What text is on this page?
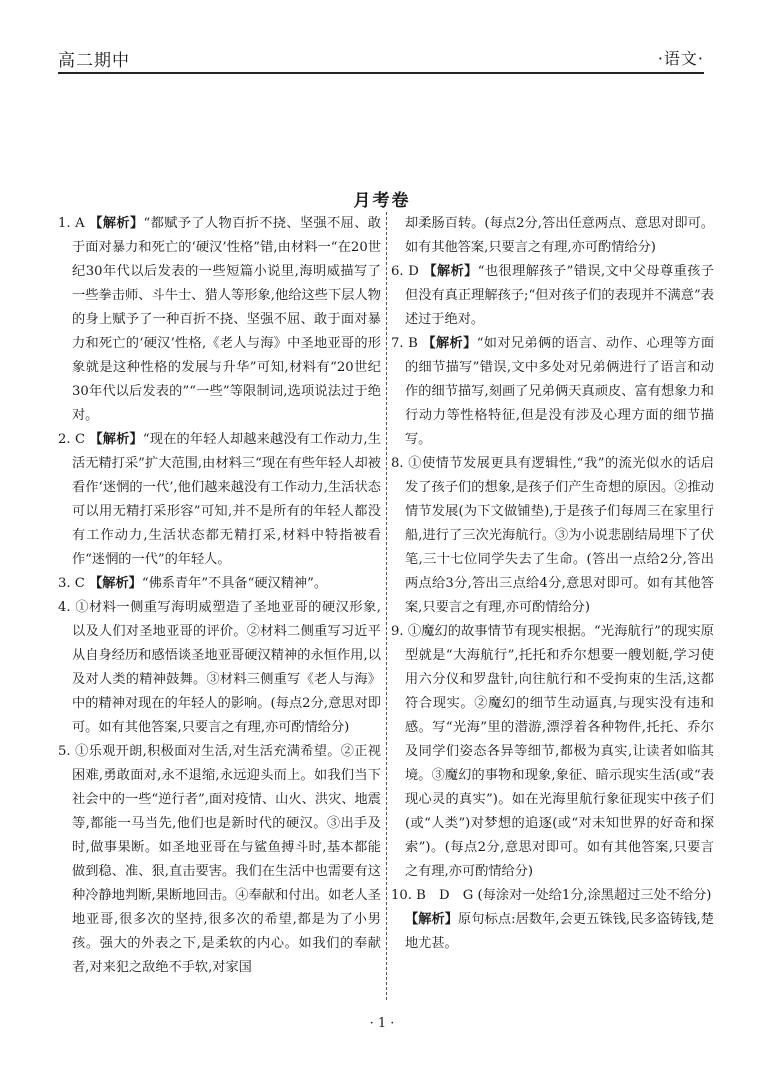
高二期中	·语文·
月考卷

1. A 【解析】“都赋予了人物百折不挠、坚强不屈、敢于面对暴力和死亡的‘硬汉’性格”错,由材料一“在20世纪30年代以后发表的一些短篇小说里,海明威描写了一些拳击师、斗牛士、猎人等形象,他给这些下层人物的身上赋予了一种百折不挠、坚强不屈、敢于面对暴力和死亡的‘硬汉’性格,《老人与海》中圣地亚哥的形象就是这种性格的发展与升华”可知,材料有“20世纪30年代以后发表的”“一些”等限制词,选项说法过于绝对。

2. C 【解析】“现在的年轻人却越来越没有工作动力,生活无精打采”扩大范围,由材料三“现在有些年轻人却被看作‘迷惘的一代’,他们越来越没有工作动力,生活状态可以用无精打采形容”可知,并不是所有的年轻人都没有工作动力,生活状态都无精打采,材料中特指被看作“迷惘的一代”的年轻人。

3. C 【解析】“佛系青年”不具备“硬汉精神”。

4. ①材料一侧重写海明威塑造了圣地亚哥的硬汉形象,以及人们对圣地亚哥的评价。②材料二侧重写习近平从自身经历和感悟谈圣地亚哥硬汉精神的永恒作用,以及对人类的精神鼓舞。③材料三侧重写《老人与海》中的精神对现在的年轻人的影响。(每点2分,意思对即可。如有其他答案,只要言之有理,亦可酌情给分)

5. ①乐观开朗,积极面对生活,对生活充满希望。②正视困难,勇敢面对,永不退缩,永远迎头而上。如我们当下社会中的一些“逆行者”,面对疫情、山火、洪灾、地震等,都能一马当先,他们也是新时代的硬汉。③出手及时,做事果断。如圣地亚哥在与鲨鱼搏斗时,基本都能做到稳、准、狠,直击要害。我们在生活中也需要有这种冷静地判断,果断地回击。④奉献和付出。如老人圣地亚哥,很多次的坚持,很多次的希望,都是为了小男孩。强大的外表之下,是柔软的内心。如我们的奉献者,对来犯之敌绝不手软,对家国

却柔肠百转。(每点2分,答出任意两点、意思对即可。如有其他答案,只要言之有理,亦可酌情给分)

6. D 【解析】“也很理解孩子”错误,文中父母尊重孩子但没有真正理解孩子;“但对孩子们的表现并不满意”表述过于绝对。

7. B 【解析】“如对兄弟俩的语言、动作、心理等方面的细节描写”错误,文中多处对兄弟俩进行了语言和动作的细节描写,刻画了兄弟俩天真顽皮、富有想象力和行动力等性格特征,但是没有涉及心理方面的细节描写。

8. ①使情节发展更具有逻辑性,“我”的流光似水的话启发了孩子们的想象,是孩子们产生奇想的原因。②推动情节发展(为下文做铺垫),于是孩子们每周三在家里行船,进行了三次光海航行。③为小说悲剧结局埋下了伏笔,三十七位同学失去了生命。(答出一点给2分,答出两点给3分,答出三点给4分,意思对即可。如有其他答案,只要言之有理,亦可酌情给分)

9. ①魔幻的故事情节有现实根据。“光海航行”的现实原型就是“大海航行”,托托和乔尔想要一艘划艇,学习使用六分仪和罗盘针,向往航行和不受拘束的生活,这都符合现实。②魔幻的细节生动逼真,与现实没有违和感。写“光海”里的潜游,漂浮着各种物件,托托、乔尔及同学们姿态各异等细节,都极为真实,让读者如临其境。③魔幻的事物和现象,象征、暗示现实生活(或“表现心灵的真实”)。如在光海里航行象征现实中孩子们(或“人类”)对梦想的追逐(或“对未知世界的好奇和探索”)。(每点2分,意思对即可。如有其他答案,只要言之有理,亦可酌情给分)

10. B　D　G (每涂对一处给1分,涂黑超过三处不给分)

【解析】原句标点:居数年,会更五铢钱,民多盗铸钱,楚地尤甚。

· 1 ·
